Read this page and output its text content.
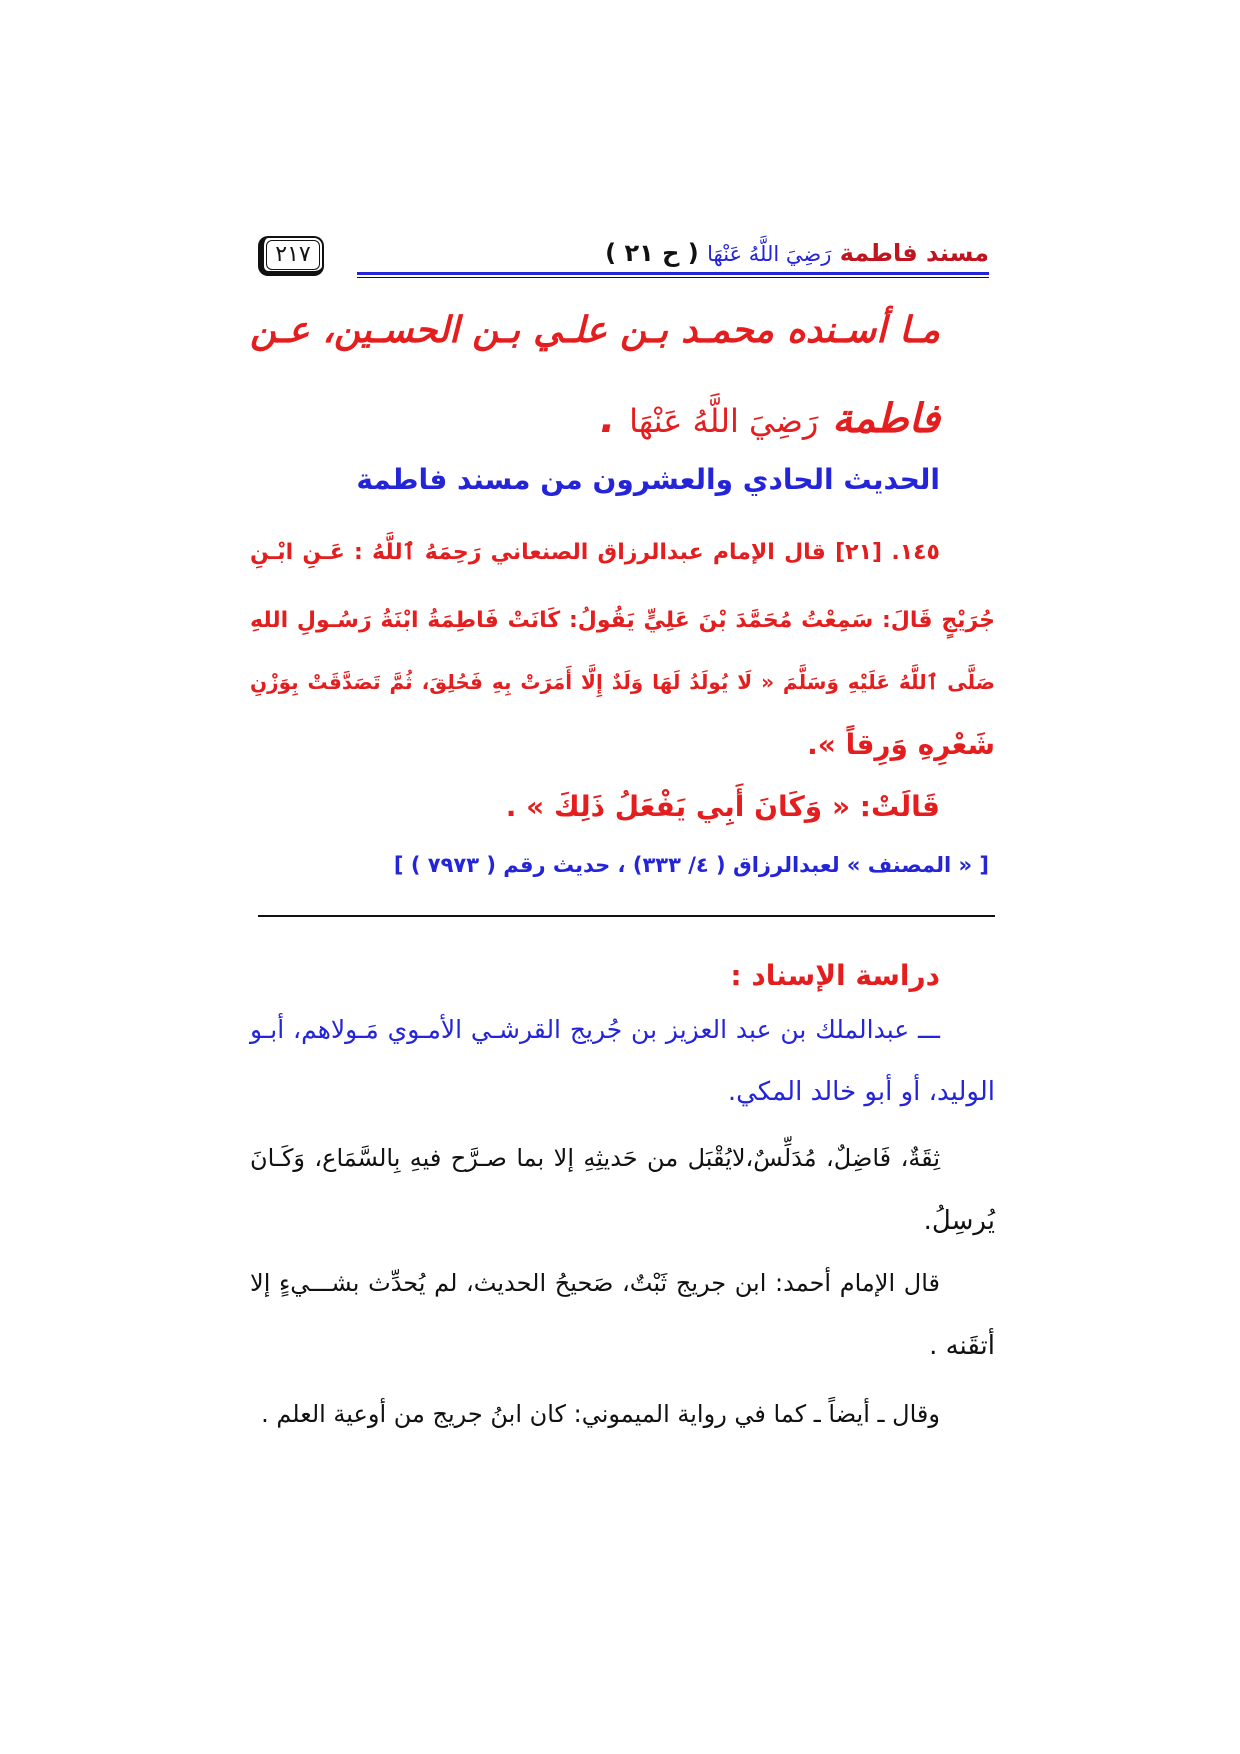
مسند فاطمة رَضِيَ اللَّهُ عَنْهَا ( ح ٢١ )
٢١٧
مـا أسـنده محمـد بـن علـي بـن الحسـين، عـن
فاطمة رَضِيَ اللَّهُ عَنْهَا .
الحديث الحادي والعشرون من مسند فاطمة
١٤٥. [٢١] قال الإمام عبدالرزاق الصنعاني رَحِمَهُ ٱللَّهُ : عَـنِ ابْـنِ
جُرَيْجٍ قَالَ: سَمِعْتُ مُحَمَّدَ بْنَ عَلِيٍّ يَقُولُ: كَانَتْ فَاطِمَةُ ابْنَةُ رَسُـولِ اللهِ
صَلَّى ٱللَّهُ عَلَيْهِ وَسَلَّمَ « لَا يُولَدُ لَهَا وَلَدٌ إِلَّا أَمَرَتْ بِهِ فَحُلِقَ، ثُمَّ تَصَدَّقَتْ بِوَزْنِ
شَعْرِهِ وَرِقاً ».
قَالَتْ: « وَكَانَ أَبِي يَفْعَلُ ذَلِكَ » .
[ « المصنف » لعبدالرزاق ( ٤/ ٣٣٣) ، حديث رقم ( ٧٩٧٣ ) ]
دراسة الإسناد :
ـــ عبدالملك بن عبد العزيز بن جُريج القرشـي الأمـوي مَـولاهم، أبـو
الوليد، أو أبو خالد المكي.
ثِقَةٌ، فَاضِلٌ، مُدَلِّسٌ،لايُقْبَل من حَديثِهِ إلا بما صـرَّح فيهِ بِالسَّمَاع، وَكَـانَ
يُرسِلُ.
قال الإمام أحمد: ابن جريج ثَبْتٌ، صَحيحُ الحديث، لم يُحدِّث بشـــيءٍ إلا
أتقَنه .
وقال ـ أيضاً ـ كما في رواية الميموني: كان ابنُ جريج من أوعية العلم .
